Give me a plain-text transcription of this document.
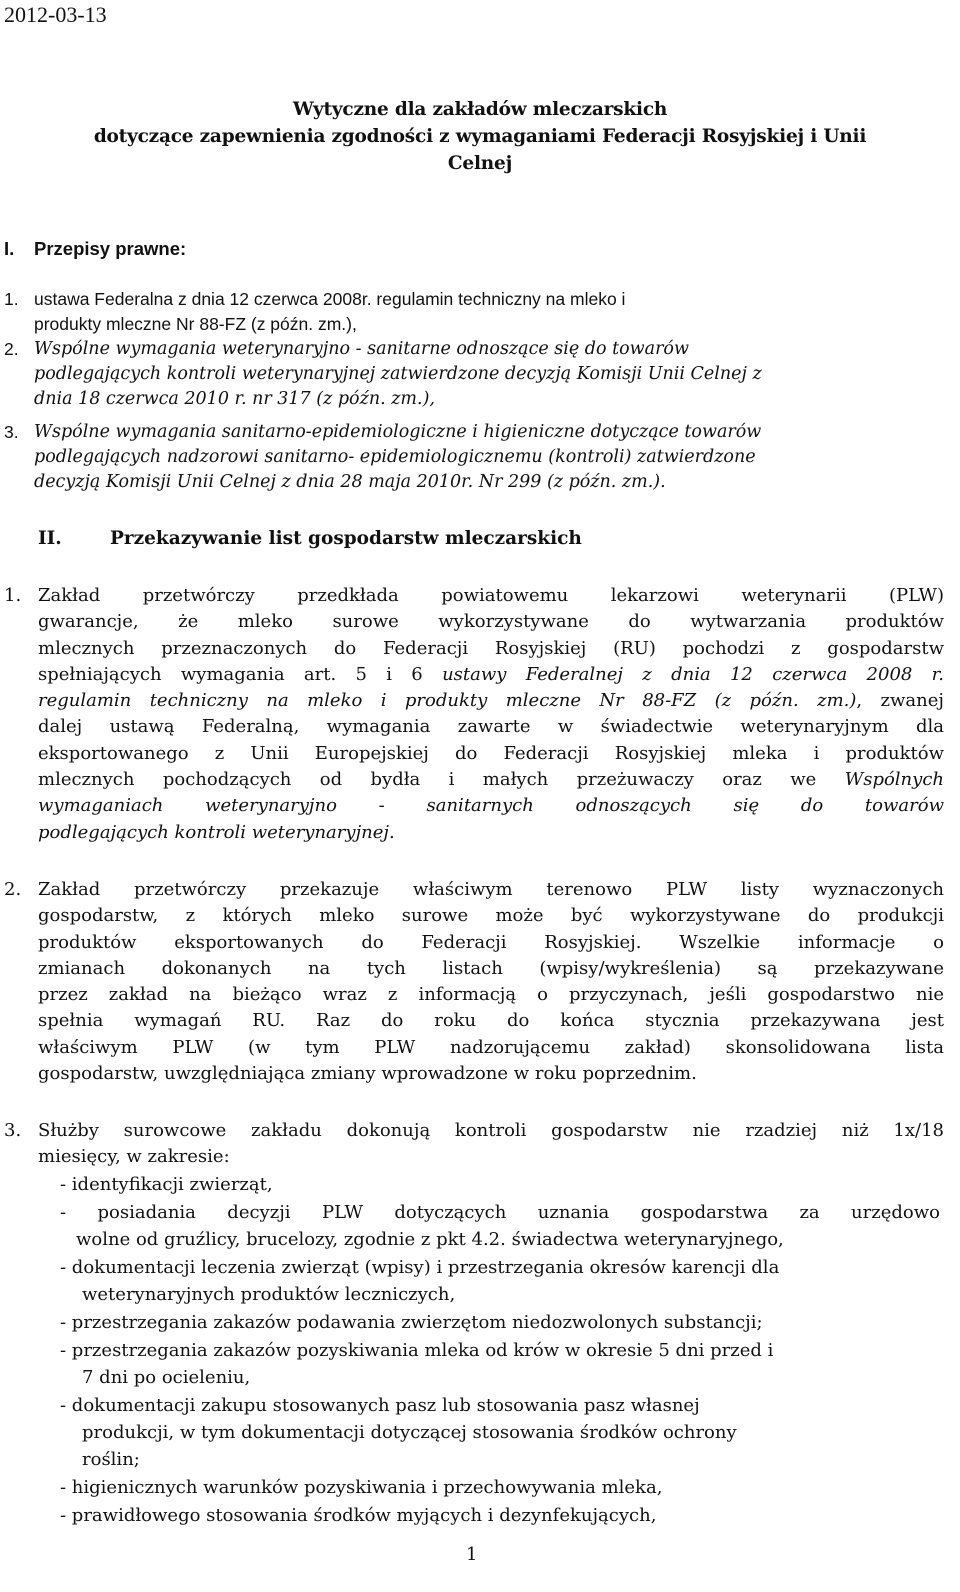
2012-03-13
Wytyczne dla zakładów mleczarskich
dotyczące zapewnienia zgodności z wymaganiami Federacji Rosyjskiej i Unii
Celnej
I. Przepisy prawne:
1. ustawa Federalna z dnia 12 czerwca 2008r. regulamin techniczny na mleko i
produkty mleczne Nr 88-FZ (z późn. zm.),
2. Wspólne wymagania weterynaryjno - sanitarne odnoszące się do towarów
podlegających kontroli weterynaryjnej zatwierdzone decyzją Komisji Unii Celnej z
dnia 18 czerwca 2010 r. nr 317 (z późn. zm.),
3. Wspólne wymagania sanitarno-epidemiologiczne i higieniczne dotyczące towarów
podlegających nadzorowi sanitarno- epidemiologicznemu (kontroli) zatwierdzone
decyzją Komisji Unii Celnej z dnia 28 maja 2010r. Nr 299 (z późn. zm.).
II.	Przekazywanie list gospodarstw mleczarskich
1. Zakład przetwórczy przedkłada powiatowemu lekarzowi weterynarii (PLW)
gwarancje, że mleko surowe wykorzystywane do wytwarzania produktów
mlecznych przeznaczonych do Federacji Rosyjskiej (RU) pochodzi z gospodarstw
spełniających wymagania art. 5 i 6 ustawy Federalnej z dnia 12 czerwca 2008 r.
regulamin techniczny na mleko i produkty mleczne Nr 88-FZ (z późn. zm.), zwanej
dalej ustawą Federalną, wymagania zawarte w świadectwie weterynaryjnym dla
eksportowanego z Unii Europejskiej do Federacji Rosyjskiej mleka i produktów
mlecznych pochodzących od bydła i małych przeżuwaczy oraz we Wspólnych
wymaganiach weterynaryjno - sanitarnych odnoszących się do towarów
podlegających kontroli weterynaryjnej.
2. Zakład przetwórczy przekazuje właściwym terenowo PLW listy wyznaczonych
gospodarstw, z których mleko surowe może być wykorzystywane do produkcji
produktów eksportowanych do Federacji Rosyjskiej. Wszelkie informacje o
zmianach dokonanych na tych listach (wpisy/wykreślenia) są przekazywane
przez zakład na bieżąco wraz z informacją o przyczynach, jeśli gospodarstwo nie
spełnia wymagań RU. Raz do roku do końca stycznia przekazywana jest
właściwym PLW (w tym PLW nadzorującemu zakład) skonsolidowana lista
gospodarstw, uwzględniająca zmiany wprowadzone w roku poprzednim.
3. Służby surowcowe zakładu dokonują kontroli gospodarstw nie rzadziej niż 1x/18
miesięcy, w zakresie:
- identyfikacji zwierząt,
- posiadania decyzji PLW dotyczących uznania gospodarstwa za urzędowo
wolne od gruźlicy, brucelozy, zgodnie z pkt 4.2. świadectwa weterynaryjnego,
- dokumentacji leczenia zwierząt (wpisy) i przestrzegania okresów karencji dla
weterynaryjnych produktów leczniczych,
- przestrzegania zakazów podawania zwierzętom niedozwolonych substancji;
- przestrzegania zakazów pozyskiwania mleka od krów w okresie 5 dni przed i
7 dni po ocieleniu,
- dokumentacji zakupu stosowanych pasz lub stosowania pasz własnej
produkcji, w tym dokumentacji dotyczącej stosowania środków ochrony
roślin;
- higienicznych warunków pozyskiwania i przechowywania mleka,
- prawidłowego stosowania środków myjących i dezynfekujących,
1
